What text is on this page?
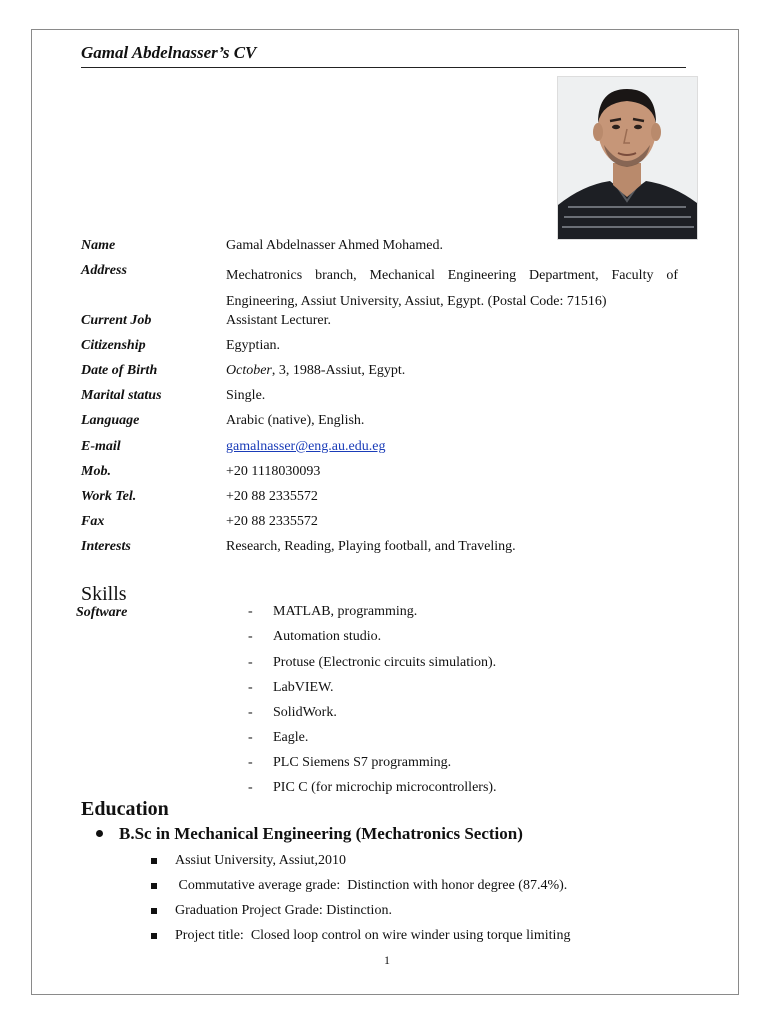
Gamal Abdelnasser’s CV
Name	Gamal Abdelnasser Ahmed Mohamed.
Address	Mechatronics branch, Mechanical Engineering Department, Faculty of
Engineering, Assiut University, Assiut, Egypt. (Postal Code: 71516)
Current Job	Assistant Lecturer.
Citizenship	Egyptian.
Date of Birth	October, 3, 1988-Assiut, Egypt.
Marital status	Single.
Language	Arabic (native), English.
E-mail	gamalnasser@eng.au.edu.eg
Mob.	+20 1118030093
Work Tel.	+20 88 2335572
Fax	+20 88 2335572
Interests	Research, Reading, Playing football, and Traveling.
Skills
Software	- MATLAB, programming.
- Automation studio.
- Protuse (Electronic circuits simulation).
- LabVIEW.
- SolidWork.
- Eagle.
- PLC Siemens S7 programming.
- PIC C (for microchip microcontrollers).
Education
B.Sc in Mechanical Engineering (Mechatronics Section)
Assiut University, Assiut,2010
Commutative average grade:  Distinction with honor degree (87.4%).
Graduation Project Grade: Distinction.
Project title:  Closed loop control on wire winder using torque limiting
1
